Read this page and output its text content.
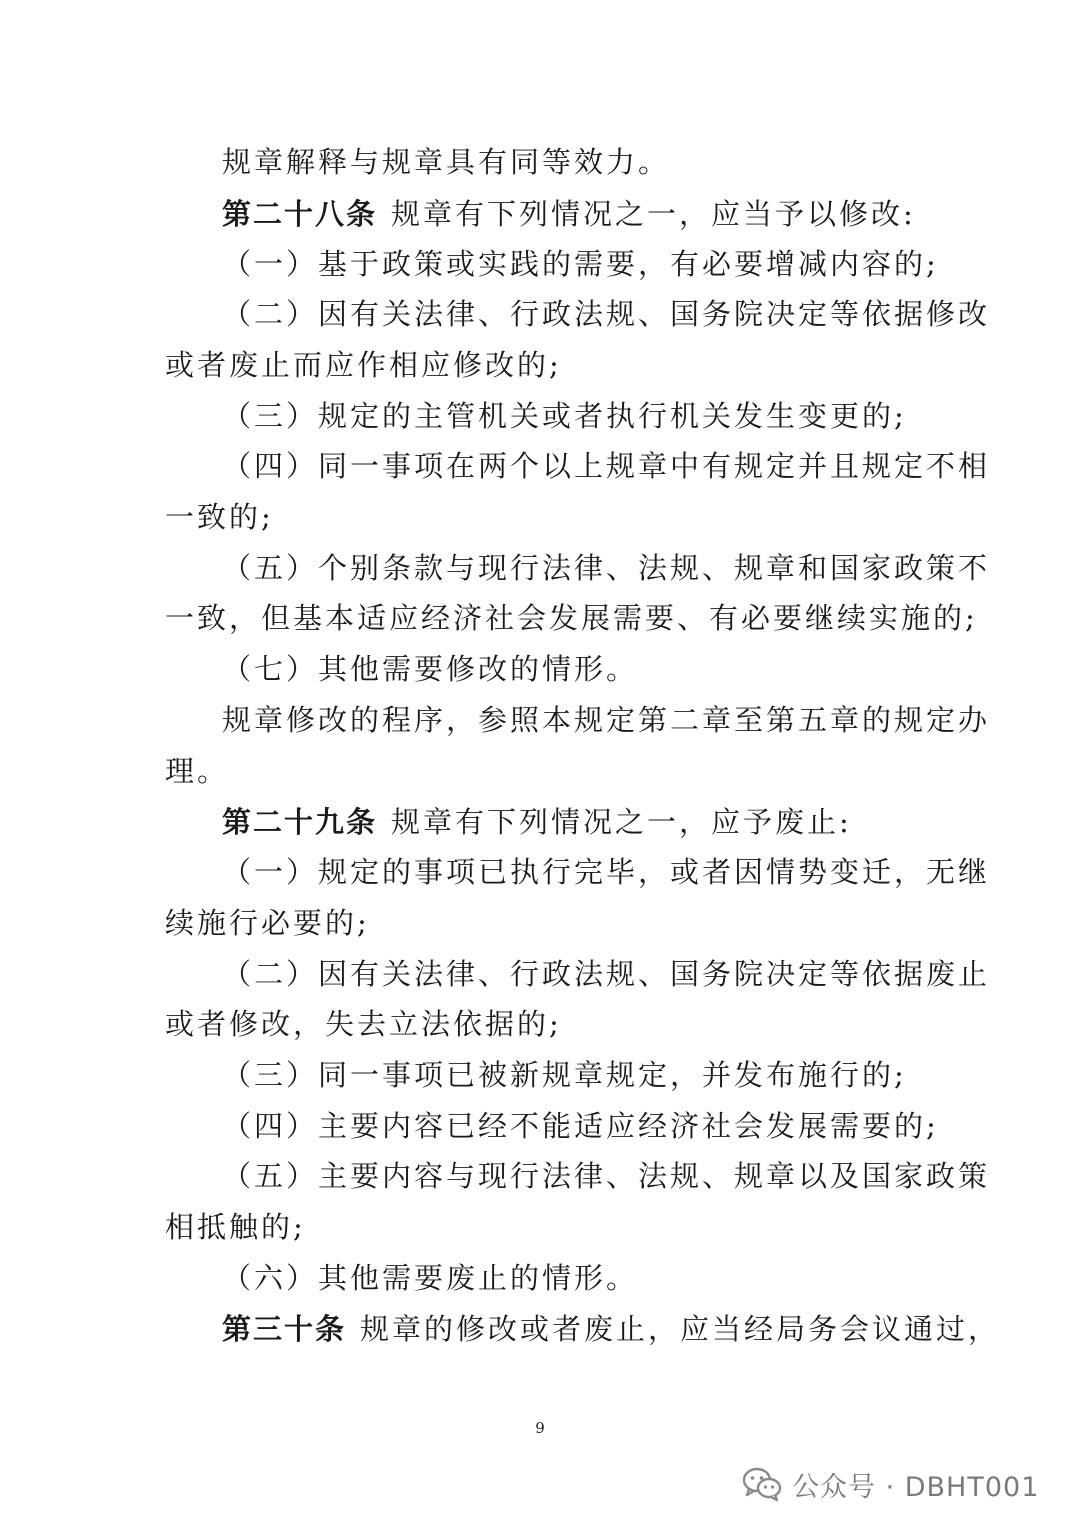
规章解释与规章具有同等效力。
第二十八条 规章有下列情况之一，应当予以修改:
（一）基于政策或实践的需要，有必要增减内容的;
（二）因有关法律、行政法规、国务院决定等依据修改
或者废止而应作相应修改的;
（三）规定的主管机关或者执行机关发生变更的;
（四）同一事项在两个以上规章中有规定并且规定不相
一致的;
（五）个别条款与现行法律、法规、规章和国家政策不
一致，但基本适应经济社会发展需要、有必要继续实施的;
（七）其他需要修改的情形。
规章修改的程序，参照本规定第二章至第五章的规定办
理。
第二十九条 规章有下列情况之一，应予废止:
（一）规定的事项已执行完毕，或者因情势变迁，无继
续施行必要的;
（二）因有关法律、行政法规、国务院决定等依据废止
或者修改，失去立法依据的;
（三）同一事项已被新规章规定，并发布施行的;
（四）主要内容已经不能适应经济社会发展需要的;
（五）主要内容与现行法律、法规、规章以及国家政策
相抵触的;
（六）其他需要废止的情形。
第三十条 规章的修改或者废止，应当经局务会议通过，
9
公众号 · DBHT001
